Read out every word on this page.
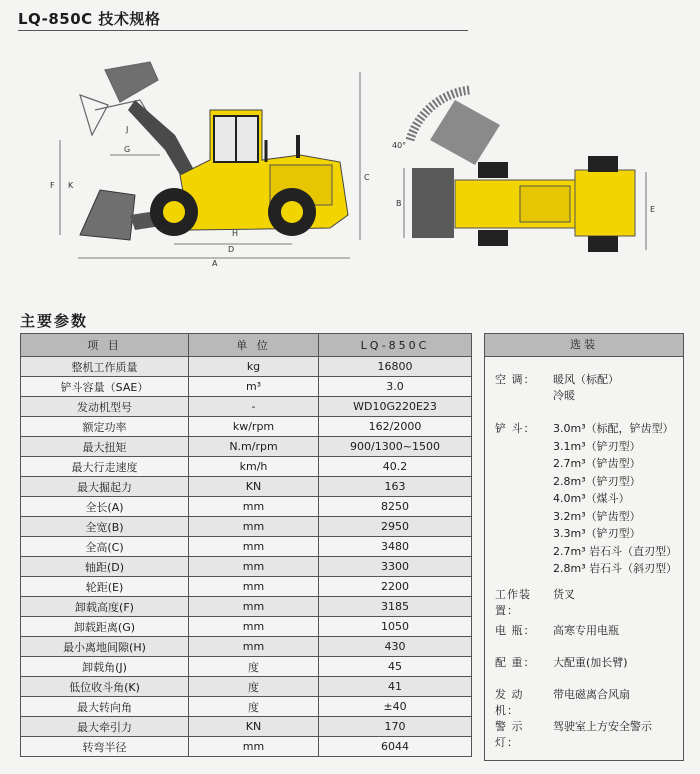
LQ-850C 技术规格
A
D
C
F
G
J
K
H
40°
B
E
主要参数
项 目	单 位	LQ-850C
整机工作质量	kg	16800
铲斗容量（SAE）	m³	3.0
发动机型号	-	WD10G220E23
额定功率	kw/rpm	162/2000
最大扭矩	N.m/rpm	900/1300~1500
最大行走速度	km/h	40.2
最大掘起力	KN	163
全长(A)	mm	8250
全宽(B)	mm	2950
全高(C)	mm	3480
轴距(D)	mm	3300
轮距(E)	mm	2200
卸载高度(F)	mm	3185
卸载距离(G)	mm	1050
最小离地间隙(H)	mm	430
卸载角(J)	度	45
低位收斗角(K)	度	41
最大转向角	度	±40
最大牵引力	KN	170
转弯半径	mm	6044
选装
空 调：	暖风（标配）
冷暖
铲 斗：	3.0m³（标配，铲齿型）
3.1m³（铲刃型）
2.7m³（铲齿型）
2.8m³（铲刃型）
4.0m³（煤斗）
3.2m³（铲齿型）
3.3m³（铲刃型）
2.7m³ 岩石斗（直刃型）
2.8m³ 岩石斗（斜刃型）
工作装置：
货叉
电 瓶：	高寒专用电瓶
配 重：	大配重(加长臂)
发 动 机：
带电磁离合风扇
警 示 灯：
驾驶室上方安全警示
